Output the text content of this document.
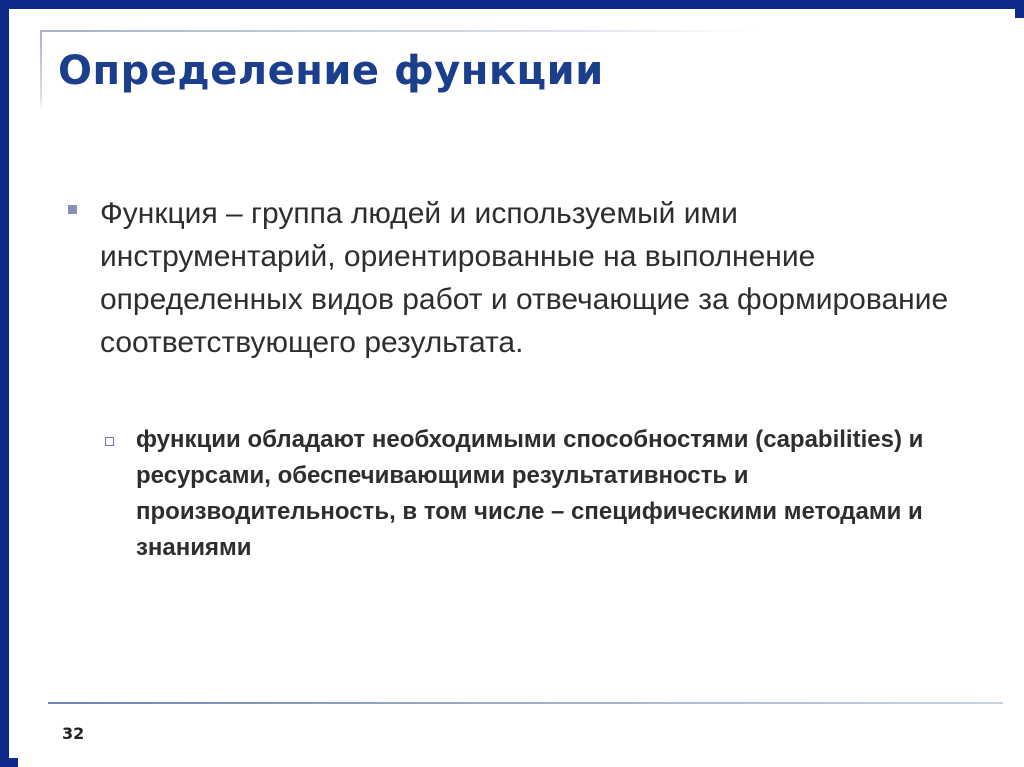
Определение функции
Функция – группа людей и используемый ими инструментарий, ориентированные на выполнение определенных видов работ и отвечающие за формирование соответствующего результата.
функции обладают необходимыми способностями (capabilities) и ресурсами, обеспечивающими результативность и производительность, в том числе – специфическими методами и знаниями
32
